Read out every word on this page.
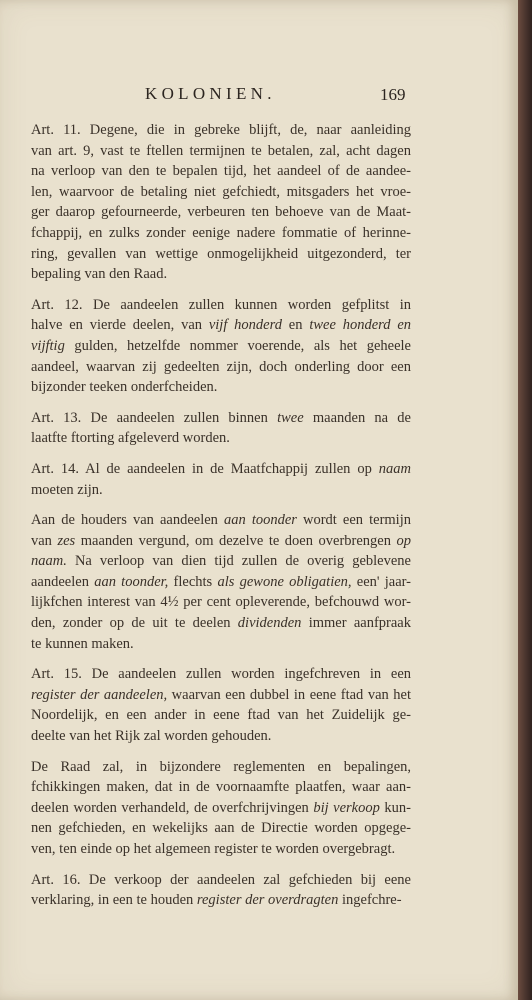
KOLONIEN.	169
Art. 11. Degene, die in gebreke blijft, de, naar aanleiding
van art. 9, vast te ftellen termijnen te betalen, zal, acht dagen
na verloop van den te bepalen tijd, het aandeel of de aandee-
len, waarvoor de betaling niet gefchiedt, mitsgaders het vroe-
ger daarop gefourneerde, verbeuren ten behoeve van de Maat-
fchappij, en zulks zonder eenige nadere fommatie of herinne-
ring, gevallen van wettige onmogelijkheid uitgezonderd, ter
bepaling van den Raad.
Art. 12. De aandeelen zullen kunnen worden gefplitst in
halve en vierde deelen, van vijf honderd en twee honderd en
vijftig gulden, hetzelfde nommer voerende, als het geheele
aandeel, waarvan zij gedeelten zijn, doch onderling door een
bijzonder teeken onderfcheiden.
Art. 13. De aandeelen zullen binnen twee maanden na de
laatfte ftorting afgeleverd worden.
Art. 14. Al de aandeelen in de Maatfchappij zullen op naam
moeten zijn.
Aan de houders van aandeelen aan toonder wordt een termijn
van zes maanden vergund, om dezelve te doen overbrengen op
naam. Na verloop van dien tijd zullen de overig geblevene
aandeelen aan toonder, flechts als gewone obligatien, een' jaar-
lijkfchen interest van 4½ per cent opleverende, befchouwd wor-
den, zonder op de uit te deelen dividenden immer aanfpraak
te kunnen maken.
Art. 15. De aandeelen zullen worden ingefchreven in een
register der aandeelen, waarvan een dubbel in eene ftad van het
Noordelijk, en een ander in eene ftad van het Zuidelijk ge-
deelte van het Rijk zal worden gehouden.
De Raad zal, in bijzondere reglementen en bepalingen,
fchikkingen maken, dat in de voornaamfte plaatfen, waar aan-
deelen worden verhandeld, de overfchrijvingen bij verkoop kun-
nen gefchieden, en wekelijks aan de Directie worden opgege-
ven, ten einde op het algemeen register te worden overgebragt.
Art. 16. De verkoop der aandeelen zal gefchieden bij eene
verklaring, in een te houden register der overdragten ingefchre-
